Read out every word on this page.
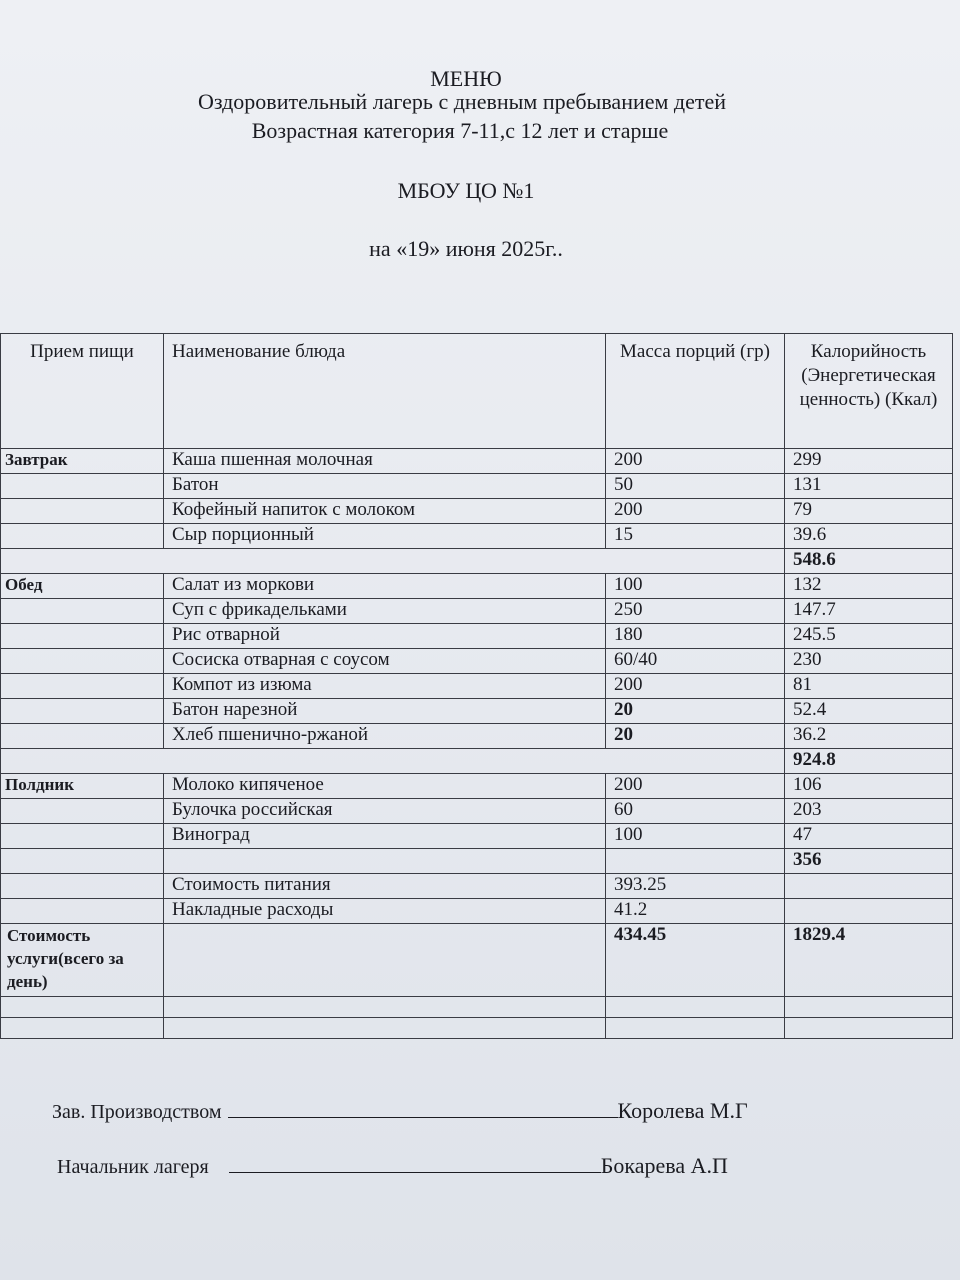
МЕНЮ
Оздоровительный лагерь с дневным пребыванием детей
Возрастная категория 7-11,с 12 лет и старше
МБОУ ЦО №1
на «19» июня 2025г..
Прием пищи	Наименование блюда	Масса порций (гр)	Калорийность (Энергетическая ценность) (Ккал)
Завтрак	Каша пшенная молочная	200	299
	Батон	50	131
	Кофейный напиток с молоком	200	79
	Сыр порционный	15	39.6
			548.6
Обед	Салат из моркови	100	132
	Суп с фрикадельками	250	147.7
	Рис отварной	180	245.5
	Сосиска отварная с соусом	60/40	230
	Компот из изюма	200	81
	Батон нарезной	20	52.4
	Хлеб пшенично-ржаной	20	36.2
			924.8
Полдник	Молоко кипяченое	200	106
	Булочка российская	60	203
	Виноград	100	47
			356
	Стоимость питания	393.25	
	Накладные расходы	41.2	
Стоимость услуги(всего за день)		434.45	1829.4

Зав. Производством	Королева М.Г
Начальник лагеря	Бокарева А.П
